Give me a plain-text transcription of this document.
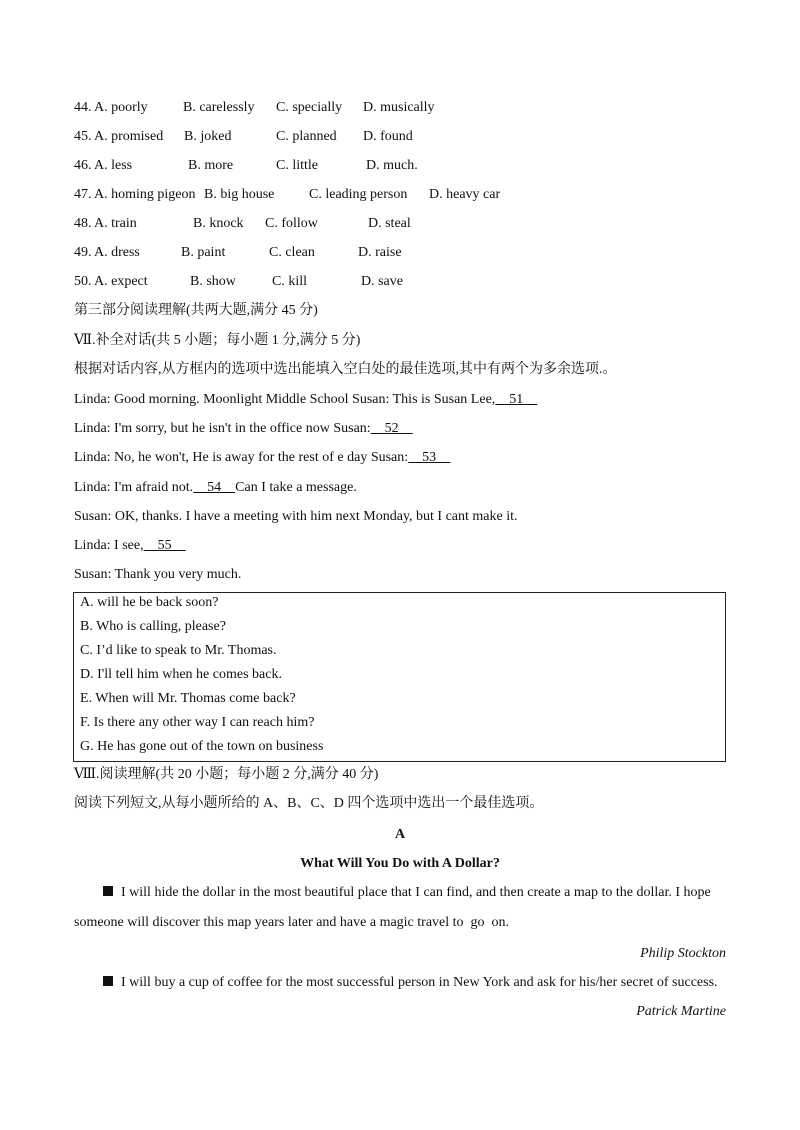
44. A. poorly	B. carelessly C. specially D. musically
45. A. promised B. joked	C. planned D. found
46. A. less	B. more	C. little	D. much.
47. A. homing pigeon B. big house C. leading person D. heavy car
48. A. train	B. knock C. follow	D. steal
49. A. dress	B. paint	C. clean	D. raise
50. A. expect	B. show	C. kill	D. save
第三部分阅读理解(共两大题,满分 45 分)
Ⅶ.补全对话(共 5 小题；每小题 1 分,满分 5 分)
根据对话内容,从方框内的选项中选出能填入空白处的最佳选项,其中有两个为多余选项.。
Linda: Good morning. Moonlight Middle School Susan: This is Susan Lee,    51
Linda: I'm sorry, but he isn't in the office now Susan:    52
Linda: No, he won't, He is away for the rest of e day Susan:    53
Linda: I'm afraid not.    54    Can I take a message.
Susan: OK, thanks. I have a meeting with him next Monday, but I cant make it.
Linda: I see,    55
Susan: Thank you very much.
A. will he be back soon?
B. Who is calling, please?
C. I’d like to speak to Mr. Thomas.
D. I'll tell him when he comes back.
E. When will Mr. Thomas come back?
F. Is there any other way I can reach him?
G. He has gone out of the town on business
Ⅷ.阅读理解(共 20 小题；每小题 2 分,满分 40 分)
阅读下列短文,从每小题所给的 A、B、C、D 四个选项中选出一个最佳选项。
A
What Will You Do with A Dollar?
I will hide the dollar in the most beautiful place that I can find, and then create a map to the dollar. I hope
someone will discover this map years later and have a magic travel to  go  on.
Philip Stockton
I will buy a cup of coffee for the most successful person in New York and ask for his/her secret of success.
Patrick Martine
